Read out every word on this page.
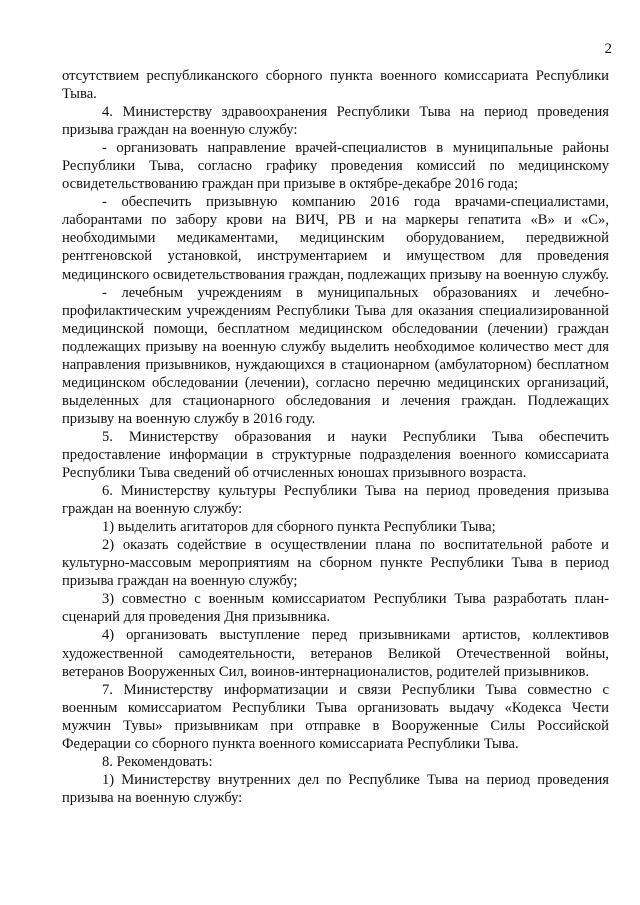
2

отсутствием республиканского сборного пункта военного комиссариата Республики Тыва.

4. Министерству здравоохранения Республики Тыва на период проведения призыва граждан на военную службу:

- организовать направление врачей-специалистов в муниципальные районы Республики Тыва, согласно графику проведения комиссий по медицинскому освидетельствованию граждан при призыве в октябре-декабре 2016 года;

- обеспечить призывную компанию 2016 года врачами-специалистами, лаборантами по забору крови на ВИЧ, РВ и на маркеры гепатита «В» и «С», необходимыми медикаментами, медицинским оборудованием, передвижной рентгеновской установкой, инструментарием и имуществом для проведения медицинского освидетельствования граждан, подлежащих призыву на военную службу.

- лечебным учреждениям в муниципальных образованиях и лечебно-профилактическим учреждениям Республики Тыва для оказания специализированной медицинской помощи, бесплатном медицинском обследовании (лечении) граждан подлежащих призыву на военную службу выделить необходимое количество мест для направления призывников, нуждающихся в стационарном (амбулаторном) бесплатном медицинском обследовании (лечении), согласно перечню медицинских организаций, выделенных для стационарного обследования и лечения граждан. Подлежащих призыву на военную службу в 2016 году.

5. Министерству образования и науки Республики Тыва обеспечить предоставление информации в структурные подразделения военного комиссариата Республики Тыва сведений об отчисленных юношах призывного возраста.

6. Министерству культуры Республики Тыва на период проведения призыва граждан на военную службу:

1) выделить агитаторов для сборного пункта Республики Тыва;

2) оказать содействие в осуществлении плана по воспитательной работе и культурно-массовым мероприятиям на сборном пункте Республики Тыва в период призыва граждан на военную службу;

3) совместно с военным комиссариатом Республики Тыва разработать план-сценарий для проведения Дня призывника.

4) организовать выступление перед призывниками артистов, коллективов художественной самодеятельности, ветеранов Великой Отечественной войны, ветеранов Вооруженных Сил, воинов-интернационалистов, родителей призывников.

7. Министерству информатизации и связи Республики Тыва совместно с военным комиссариатом Республики Тыва организовать выдачу «Кодекса Чести мужчин Тувы» призывникам при отправке в Вооруженные Силы Российской Федерации со сборного пункта военного комиссариата Республики Тыва.

8. Рекомендовать:

1) Министерству внутренних дел по Республике Тыва на период проведения призыва на военную службу:
